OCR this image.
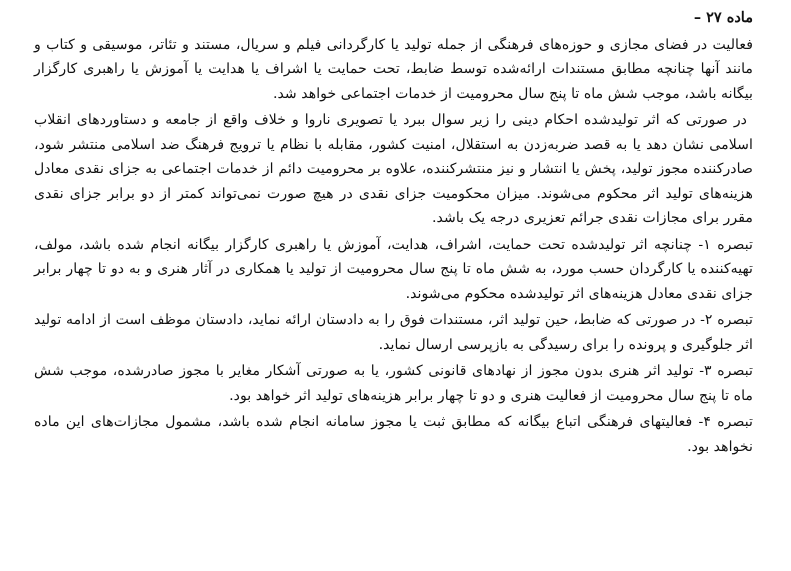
ماده ۲۷ –

فعالیت در فضای مجازی و حوزه‌های فرهنگی از جمله تولید یا کارگردانی فیلم و سریال، مستند و تئاتر، موسیقی و کتاب و مانند آنها چنانچه مطابق مستندات ارائه‌شده توسط ضابط، تحت حمایت یا اشراف یا هدایت یا آموزش یا راهبری کارگزار بیگانه باشد، موجب شش ماه تا پنج سال محرومیت از خدمات اجتماعی خواهد شد.

در صورتی که اثر تولیدشده احکام دینی را زیر سوال ببرد یا تصویری ناروا و خلاف واقع از جامعه و دستاوردهای انقلاب اسلامی نشان دهد یا به قصد ضربه‌زدن به استقلال، امنیت کشور، مقابله با نظام یا ترویج فرهنگ ضد اسلامی منتشر شود، صادرکننده مجوز تولید، پخش یا انتشار و نیز منتشرکننده، علاوه بر محرومیت دائم از خدمات اجتماعی به جزای نقدی معادل هزینه‌های تولید اثر محکوم می‌شوند. میزان محکومیت جزای نقدی در هیچ صورت نمی‌تواند کمتر از دو برابر جزای نقدی مقرر برای مجازات نقدی جرائم تعزیری درجه یک باشد.

تبصره ۱- چنانچه اثر تولیدشده تحت حمایت، اشراف، هدایت، آموزش یا راهبری کارگزار بیگانه انجام شده باشد، مولف، تهیه‌کننده یا کارگردان حسب مورد، به شش ماه تا پنج سال محرومیت از تولید یا همکاری در آثار هنری و به دو تا چهار برابر جزای نقدی معادل هزینه‌های اثر تولیدشده محکوم می‌شوند.

تبصره ۲- در صورتی که ضابط، حین تولید اثر، مستندات فوق را به دادستان ارائه نماید، دادستان موظف است از ادامه تولید اثر جلوگیری و پرونده را برای رسیدگی به بازپرسی ارسال نماید.

تبصره ۳- تولید اثر هنری بدون مجوز از نهادهای قانونی کشور، یا به صورتی آشکار مغایر با مجوز صادرشده، موجب شش ماه تا پنج سال محرومیت از فعالیت هنری و دو تا چهار برابر هزینه‌های تولید اثر خواهد بود.

تبصره ۴- فعالیتهای فرهنگی اتباع بیگانه که مطابق ثبت یا مجوز سامانه انجام شده باشد، مشمول مجازات‌های این ماده نخواهد بود.
